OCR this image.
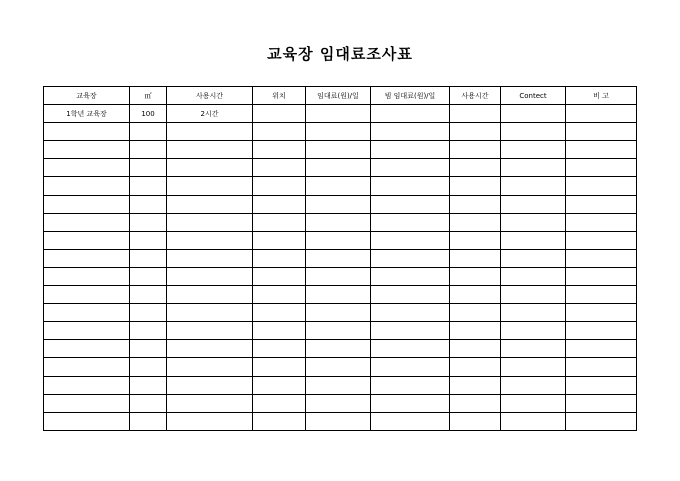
교육장 임대료조사표
교육장	㎡	사용시간	위치	임대료(원)/일	빔 임대료(원)/일	사용시간	Contect	비 고
1학년 교육장	100	2시간						
